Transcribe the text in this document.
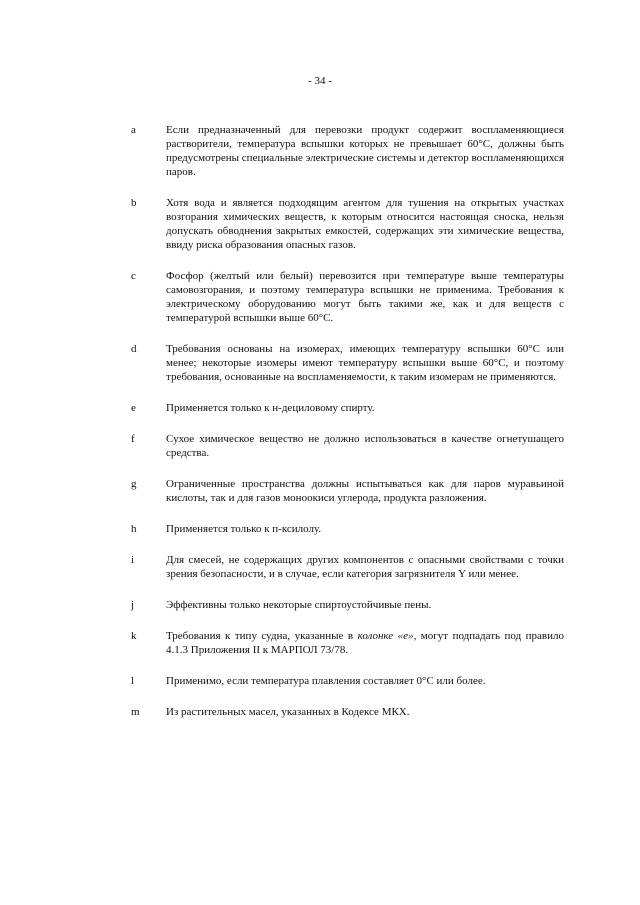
- 34 -
a	Если предназначенный для перевозки продукт содержит воспламеняющиеся растворители, температура вспышки которых не превышает 60°C, должны быть предусмотрены специальные электрические системы и детектор воспламеняющихся паров.
b	Хотя вода и является подходящим агентом для тушения на открытых участках возгорания химических веществ, к которым относится настоящая сноска, нельзя допускать обводнения закрытых емкостей, содержащих эти химические вещества, ввиду риска образования опасных газов.
c	Фосфор (желтый или белый) перевозится при температуре выше температуры самовозгорания, и поэтому температура вспышки не применима. Требования к электрическому оборудованию могут быть такими же, как и для веществ с температурой вспышки выше 60°C.
d	Требования основаны на изомерах, имеющих температуру вспышки 60°C или менее; некоторые изомеры имеют температуру вспышки выше 60°C, и поэтому требования, основанные на воспламеняемости, к таким изомерам не применяются.
e	Применяется только к н-дециловому спирту.
f	Сухое химическое вещество не должно использоваться в качестве огнетушащего средства.
g	Ограниченные пространства должны испытываться как для паров муравьиной кислоты, так и для газов моноокиси углерода, продукта разложения.
h	Применяется только к п-ксилолу.
i	Для смесей, не содержащих других компонентов с опасными свойствами с точки зрения безопасности, и в случае, если категория загрязнителя Y или менее.
j	Эффективны только некоторые спиртоустойчивые пены.
k	Требования к типу судна, указанные в колонке «е», могут подпадать под правило 4.1.3 Приложения II к МАРПОЛ 73/78.
l	Применимо, если температура плавления составляет 0°C или более.
m Из растительных масел, указанных в Кодексе МКХ.
